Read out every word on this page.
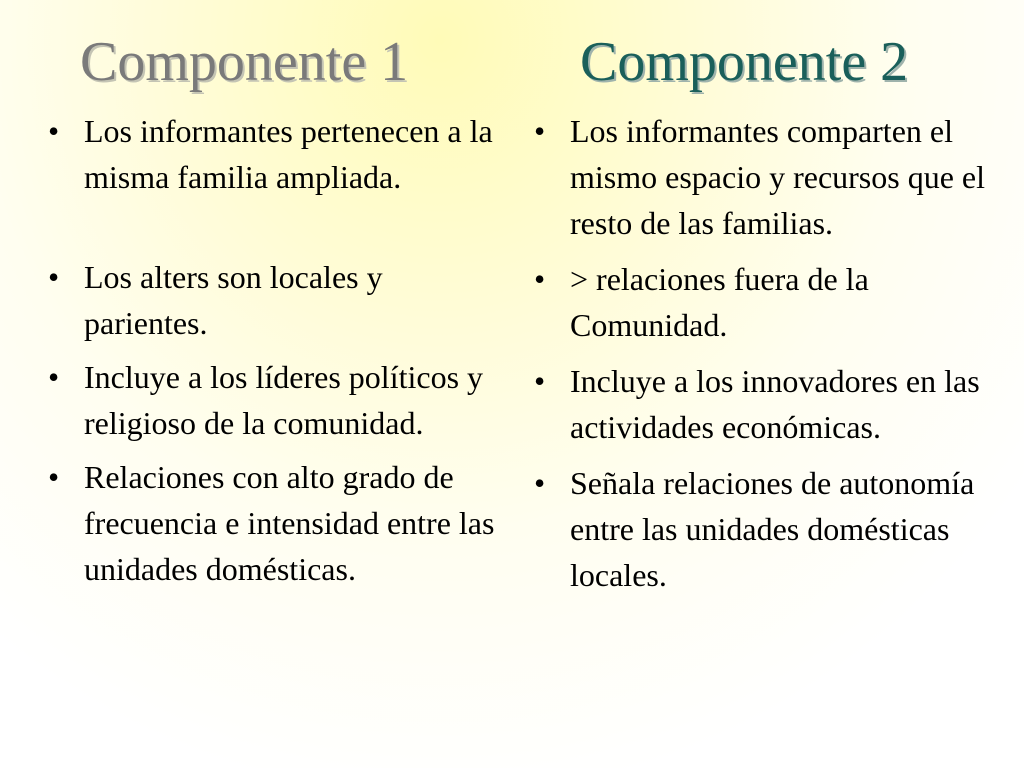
Componente 1	Componente 2
• Los informantes pertenecen a la misma familia ampliada.
• Los alters son locales y parientes.
• Incluye a los líderes políticos y religioso de la comunidad.
• Relaciones con alto grado de frecuencia e intensidad entre las unidades domésticas.
• Los informantes comparten el mismo espacio y recursos que el resto de las familias.
• > relaciones fuera de la Comunidad.
• Incluye a los innovadores en las actividades económicas.
• Señala relaciones de autonomía entre las unidades domésticas locales.
